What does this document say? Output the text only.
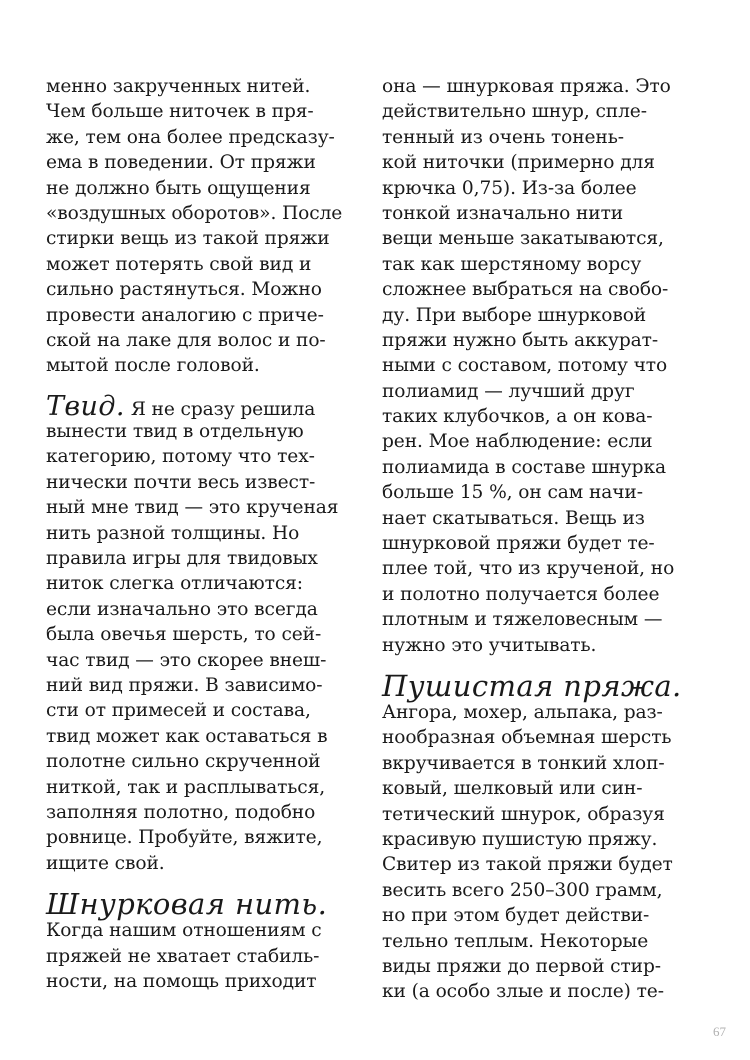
менно закрученных нитей.
Чем больше ниточек в пря-
же, тем она более предсказу-
ема в поведении. От пряжи
не должно быть ощущения
«воздушных оборотов». После
стирки вещь из такой пряжи
может потерять свой вид и
сильно растянуться. Можно
провести аналогию с приче-
ской на лаке для волос и по-
мытой после головой.
Твид. Я не сразу решила
вынести твид в отдельную
категорию, потому что тех-
нически почти весь извест-
ный мне твид — это крученая
нить разной толщины. Но
правила игры для твидовых
ниток слегка отличаются:
если изначально это всегда
была овечья шерсть, то сей-
час твид — это скорее внеш-
ний вид пряжи. В зависимо-
сти от примесей и состава,
твид может как оставаться в
полотне сильно скрученной
ниткой, так и расплываться,
заполняя полотно, подобно
ровнице. Пробуйте, вяжите,
ищите свой.
Шнурковая нить.
Когда нашим отношениям с
пряжей не хватает стабиль-
ности, на помощь приходит
она — шнурковая пряжа. Это
действительно шнур, спле-
тенный из очень тонень-
кой ниточки (примерно для
крючка 0,75). Из-за более
тонкой изначально нити
вещи меньше закатываются,
так как шерстяному ворсу
сложнее выбраться на свобо-
ду. При выборе шнурковой
пряжи нужно быть аккурат-
ными с составом, потому что
полиамид — лучший друг
таких клубочков, а он кова-
рен. Мое наблюдение: если
полиамида в составе шнурка
больше 15 %, он сам начи-
нает скатываться. Вещь из
шнурковой пряжи будет те-
плее той, что из крученой, но
и полотно получается более
плотным и тяжеловесным —
нужно это учитывать.
Пушистая пряжа.
Ангора, мохер, альпака, раз-
нообразная объемная шерсть
вкручивается в тонкий хлоп-
ковый, шелковый или син-
тетический шнурок, образуя
красивую пушистую пряжу.
Свитер из такой пряжи будет
весить всего 250–300 грамм,
но при этом будет действи-
тельно теплым. Некоторые
виды пряжи до первой стир-
ки (а особо злые и после) те-
67
